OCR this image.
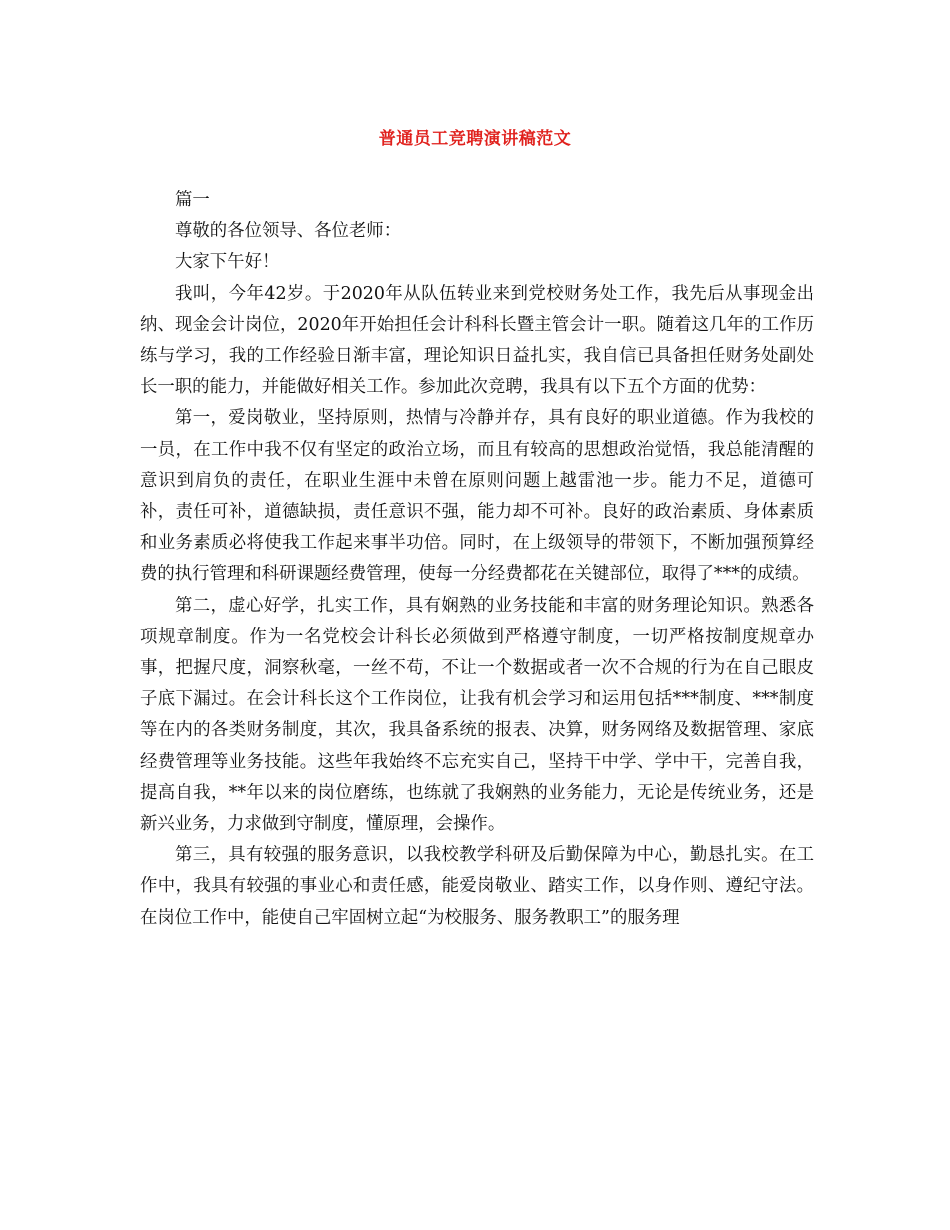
普通员工竞聘演讲稿范文

篇一

尊敬的各位领导、各位老师：

大家下午好！

我叫，今年42岁。于2020年从队伍转业来到党校财务处工作，我先后从事现金出纳、现金会计岗位，2020年开始担任会计科科长暨主管会计一职。随着这几年的工作历练与学习，我的工作经验日渐丰富，理论知识日益扎实，我自信已具备担任财务处副处长一职的能力，并能做好相关工作。参加此次竞聘，我具有以下五个方面的优势：

第一，爱岗敬业，坚持原则，热情与冷静并存，具有良好的职业道德。作为我校的一员，在工作中我不仅有坚定的政治立场，而且有较高的思想政治觉悟，我总能清醒的意识到肩负的责任，在职业生涯中未曾在原则问题上越雷池一步。能力不足，道德可补，责任可补，道德缺损，责任意识不强，能力却不可补。良好的政治素质、身体素质和业务素质必将使我工作起来事半功倍。同时，在上级领导的带领下，不断加强预算经费的执行管理和科研课题经费管理，使每一分经费都花在关键部位，取得了***的成绩。

第二，虚心好学，扎实工作，具有娴熟的业务技能和丰富的财务理论知识。熟悉各项规章制度。作为一名党校会计科长必须做到严格遵守制度，一切严格按制度规章办事，把握尺度，洞察秋毫，一丝不苟，不让一个数据或者一次不合规的行为在自己眼皮子底下漏过。在会计科长这个工作岗位，让我有机会学习和运用包括***制度、***制度等在内的各类财务制度，其次，我具备系统的报表、决算，财务网络及数据管理、家底经费管理等业务技能。这些年我始终不忘充实自己，坚持干中学、学中干，完善自我，提高自我，**年以来的岗位磨练，也练就了我娴熟的业务能力，无论是传统业务，还是新兴业务，力求做到守制度，懂原理，会操作。

第三，具有较强的服务意识，以我校教学科研及后勤保障为中心，勤恳扎实。在工作中，我具有较强的事业心和责任感，能爱岗敬业、踏实工作，以身作则、遵纪守法。在岗位工作中，能使自己牢固树立起“为校服务、服务教职工”的服务理
